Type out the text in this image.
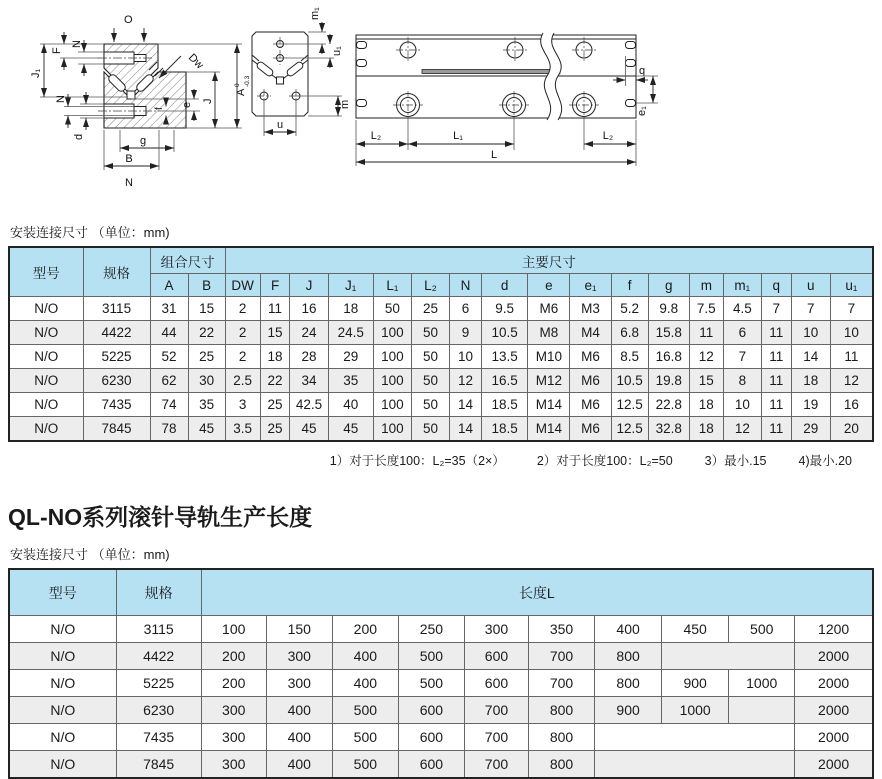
O
J₁
F
N
N
d
A
0 -0.3
J
e
f
Dw
g
B
N
m₁
u₁
m
u
q
e₁
L₂	L₁	L₂
L
安装连接尺寸 （单位：mm)
型号	规格	组合尺寸		主要尺寸																
		A	B	DW	F	J	J₁	L₁	L₂	N	d	e	e₁	f	g	m	m₁	q	u	u₁
N/O	3115	31	15	2	11	16	18	50	25	6	9.5	M6	M3	5.2	9.8	7.5	4.5	7	7	7
N/O	4422	44	22	2	15	24	24.5	100	50	9	10.5	M8	M4	6.8	15.8	11	6	11	10	10
N/O	5225	52	25	2	18	28	29	100	50	10	13.5	M10	M6	8.5	16.8	12	7	11	14	11
N/O	6230	62	30	2.5	22	34	35	100	50	12	16.5	M12	M6	10.5	19.8	15	8	11	18	12
N/O	7435	74	35	3	25	42.5	40	100	50	14	18.5	M14	M6	12.5	22.8	18	10	11	19	16
N/O	7845	78	45	3.5	25	45	45	100	50	14	18.5	M14	M6	12.5	32.8	18	12	11	29	20
1）对于长度100：L₂=35（2×）	2）对于长度100：L₂=50	3）最小.15	4)最小.20
QL-NO系列滚针导轨生产长度
安装连接尺寸 （单位：mm)
型号	规格	长度L									
N/O	3115	100	150	200	250	300	350	400	450	500	1200
N/O	4422	200	300	400	500	600	700	800			2000
N/O	5225	200	300	400	500	600	700	800	900	1000	2000
N/O	6230	300	400	500	600	700	800	900	1000		2000
N/O	7435	300	400	500	600	700	800				2000
N/O	7845	300	400	500	600	700	800				2000
